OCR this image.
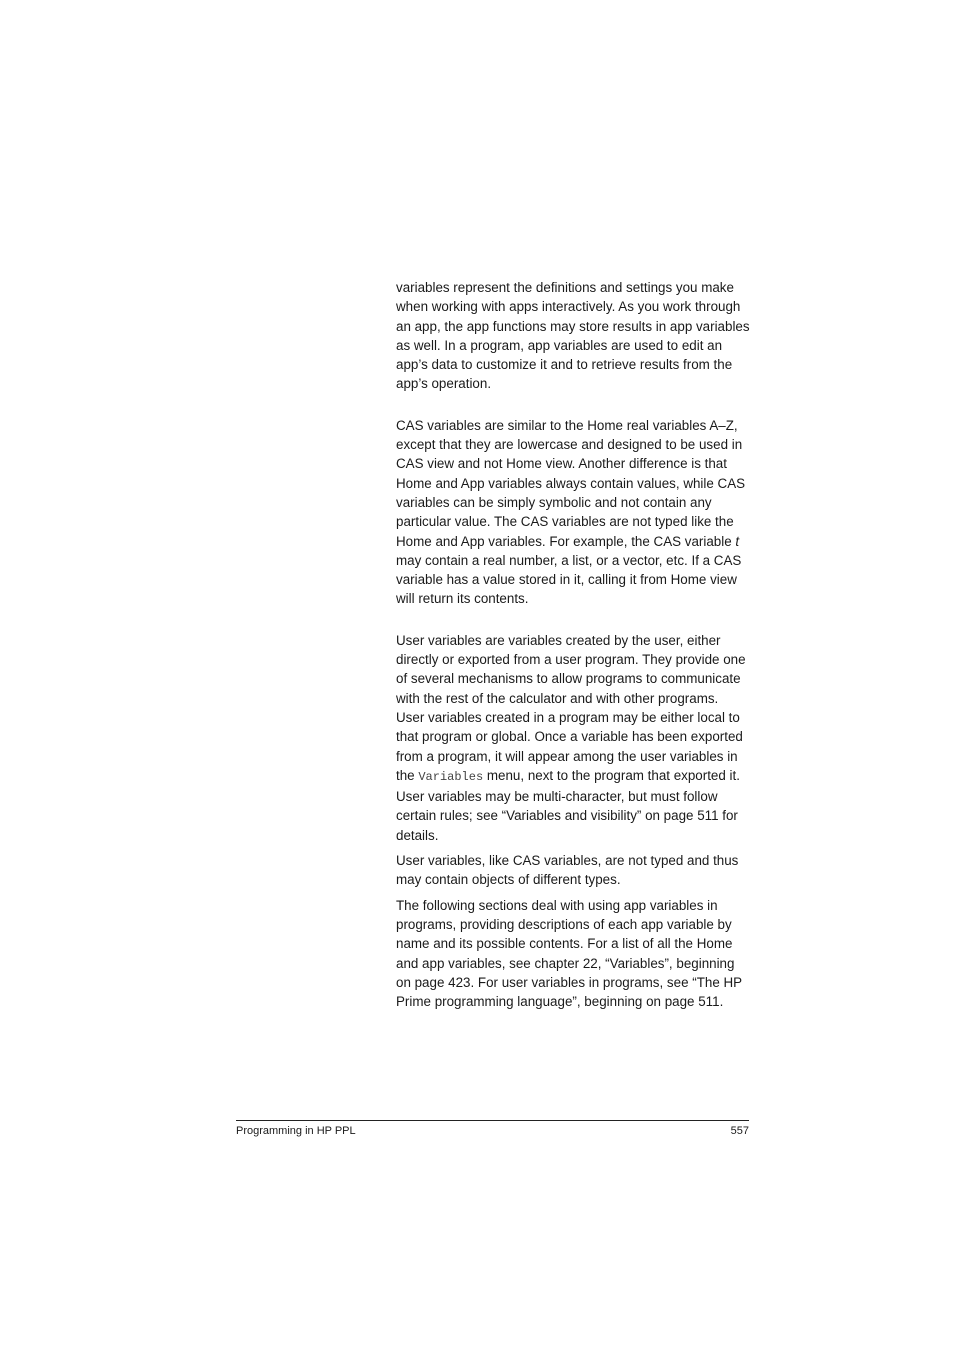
variables represent the definitions and settings you make when working with apps interactively. As you work through an app, the app functions may store results in app variables as well. In a program, app variables are used to edit an app’s data to customize it and to retrieve results from the app’s operation.

CAS variables are similar to the Home real variables A–Z, except that they are lowercase and designed to be used in CAS view and not Home view. Another difference is that Home and App variables always contain values, while CAS variables can be simply symbolic and not contain any particular value. The CAS variables are not typed like the Home and App variables. For example, the CAS variable t may contain a real number, a list, or a vector, etc. If a CAS variable has a value stored in it, calling it from Home view will return its contents.

User variables are variables created by the user, either directly or exported from a user program. They provide one of several mechanisms to allow programs to communicate with the rest of the calculator and with other programs. User variables created in a program may be either local to that program or global. Once a variable has been exported from a program, it will appear among the user variables in the Variables menu, next to the program that exported it. User variables may be multi-character, but must follow certain rules; see “Variables and visibility” on page 511 for details.

User variables, like CAS variables, are not typed and thus may contain objects of different types.

The following sections deal with using app variables in programs, providing descriptions of each app variable by name and its possible contents. For a list of all the Home and app variables, see chapter 22, “Variables”, beginning on page 423. For user variables in programs, see “The HP Prime programming language”, beginning on page 511.

Programming in HP PPL	557
